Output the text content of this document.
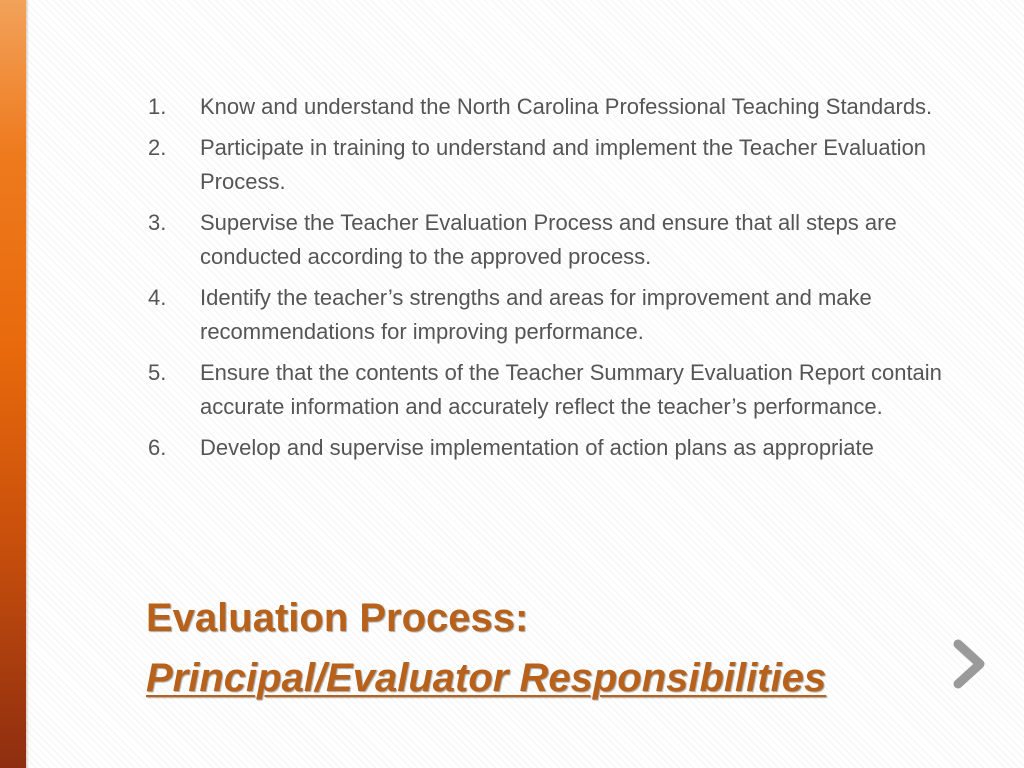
1.	Know and understand the North Carolina Professional Teaching Standards.
2.	Participate in training to understand and implement the Teacher Evaluation Process.
3.	Supervise the Teacher Evaluation Process and ensure that all steps are conducted according to the approved process.
4.	Identify the teacher’s strengths and areas for improvement and make recommendations for improving performance.
5.	Ensure that the contents of the Teacher Summary Evaluation Report contain accurate information and accurately reflect the teacher’s performance.
6.	Develop and supervise implementation of action plans as appropriate
Evaluation Process:
Principal/Evaluator Responsibilities
